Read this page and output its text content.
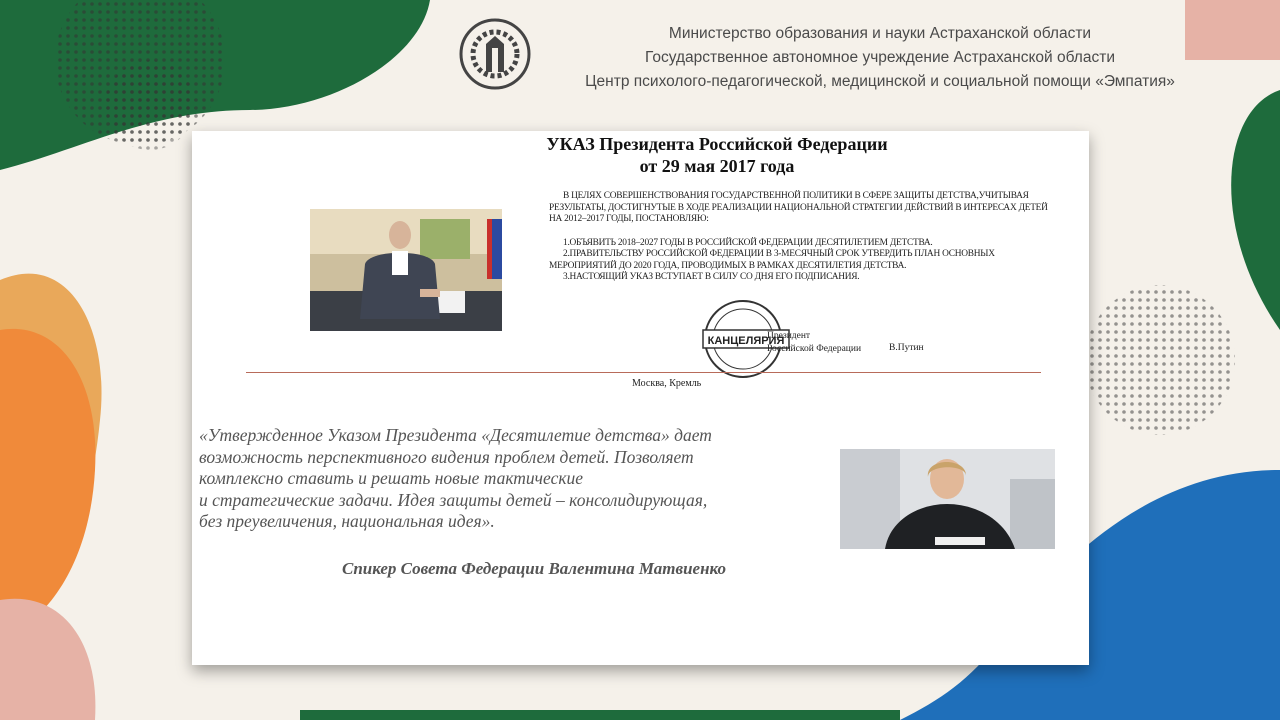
Министерство образования и науки Астраханской области
Государственное автономное учреждение Астраханской области
Центр психолого-педагогической, медицинской и социальной помощи «Эмпатия»
УКАЗ Президента Российской Федерации
от 29 мая 2017 года

В ЦЕЛЯХ СОВЕРШЕНСТВОВАНИЯ ГОСУДАРСТВЕННОЙ ПОЛИТИКИ В СФЕРЕ ЗАЩИТЫ ДЕТСТВА,УЧИТЫВАЯ РЕЗУЛЬТАТЫ, ДОСТИГНУТЫЕ В ХОДЕ РЕАЛИЗАЦИИ НАЦИОНАЛЬНОЙ СТРАТЕГИИ ДЕЙСТВИЙ В ИНТЕРЕСАХ ДЕТЕЙ НА 2012–2017 ГОДЫ, ПОСТАНОВЛЯЮ:

1.ОБЪЯВИТЬ 2018–2027 ГОДЫ В РОССИЙСКОЙ ФЕДЕРАЦИИ ДЕСЯТИЛЕТИЕМ ДЕТСТВА.

2.ПРАВИТЕЛЬСТВУ РОССИЙСКОЙ ФЕДЕРАЦИИ В 3-МЕСЯЧНЫЙ СРОК УТВЕРДИТЬ ПЛАН ОСНОВНЫХ МЕРОПРИЯТИЙ ДО 2020 ГОДА, ПРОВОДИМЫХ В РАМКАХ ДЕСЯТИЛЕТИЯ ДЕТСТВА.

3.НАСТОЯЩИЙ УКАЗ ВСТУПАЕТ В СИЛУ СО ДНЯ ЕГО ПОДПИСАНИЯ.

КАНЦЕЛЯРИЯ
Президент
Российской Федерации	В.Путин
Москва, Кремль
«Утвержденное Указом Президента «Десятилетие детства» дает
возможность перспективного видения проблем детей. Позволяет
комплексно ставить и решать новые тактические
и стратегические задачи. Идея защиты детей – консолидирующая,
без преувеличения, национальная идея».
Спикер Совета Федерации Валентина Матвиенко
